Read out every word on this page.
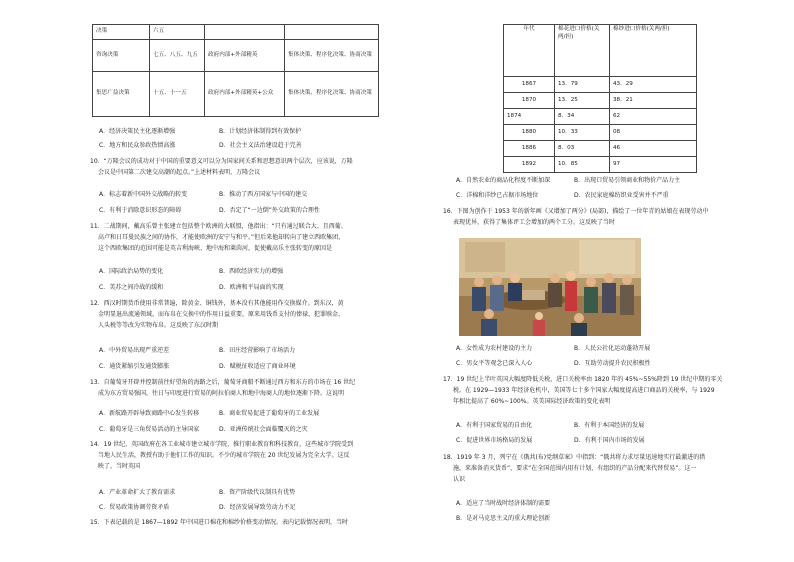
决策	六五		
咨询决策	七五、八五、九五	政府内部+外部精英	集体决策、程序化决策、协商决策
集思广益决策	十五、十一五	政府内部+外部精英+公众	集体决策、程序化决策、协商决策
A．经济决策民主化逐渐增强	B．计划经济体制得到有效保护
C．地方和民众参政热情高涨	D．社会主义法治建设趋于完善

10．“万隆会议的成功对于中国的重要意义可以分为国家间关系和思想意识两个层次，应该说，万隆

会议是中国第二次建交高潮的起点。”上述材料表明，万隆会议

A．标志着新中国外交战略的转变	B．推动了西方国家与中国的建交
C．有利于消除意识形态的障碍	D．否定了“一边倒”外交政策的合理性

11．二战期间，戴高乐曾主张建立包括整个欧洲的大联盟，他指出：“只有通过联合大、且西葡、

高卢和日耳曼民族之间的协作，才能使欧洲的安宁与和平。”但后来他却转向了建立西欧集团，

这个西欧集团的范围可能是英吉利海峡、地中海和莱茵河，促使戴高乐主张转变的原因是

A．国际政治局势的变化	B．西欧经济实力的增强
C．美苏之间冷战的缓和	D．欧洲和平局面的实现

12．西汉时期货币使用非常普遍，除黄金、铜钱外，基本没有其他能用作交换媒介。到东汉，黄

金明显退出流通领域，而布帛在交换中的作用日益重要，原来用钱币支付的俸禄、犯罪赎金、

人头税等等改为实物布帛。这反映了东汉时期

A．中外贸易出现严重逆差	B．田庄经营影响了市场活力
C．通货紧缩引发通货膨胀	D．赋税征收适应了商业环境

13．自葡萄牙开辟并控制前往好望角的海路之后，葡萄牙商船不断通过西方和东方的市场在 16 世纪

成为东方贸易强国，往日与印度进行贸易的阿拉伯商人和地中海商人的地位逐渐下降。这说明

A．新航路开辟导致商路中心发生转移	B．商业贸易促进了葡萄牙的工业发展
C．葡萄牙是三角贸易活动的主导国家	D．亚洲传统社会面临覆灭的之灾

14．19 世纪，英国政府在各工业城市建立城市学院，推行职业教育和科技教育，这些城市学院受到

当地人民生活，教授有助于他们工作的知识。不少的城市学院在 20 世纪发展为完全大学。这反

映了，当时英国

A．产业革命扩大了教育需求	B．资产阶级代议制具有优势
C．贸易政策协调劳资矛盾	D．经济发展导致劳动力不足

15．下表记载的是 1867—1892 年中国进口棉花和棉纱价格变动情况。表内记载情况表明，当时

年代	棉花进口价格(关两/担)	棉纱进口价格(关两/担)
1867	13．79	43．29
1870	13．25	38．21
1874	8．34	62
1880	10．33	08
1886	8．03	46
1892	10．85	97
A．自然农业的商品化程度不断加深	B．出现口贸易引领商业和物价产品力主
C．洋棉和洋纱已占据市场地位	D．农民家庭棉纺织业受害并不严重

16．下图为创作于 1953 年的新年画《又增加了两分》(局部)，描绘了一位年青的姑娘在表现劳动中

表现优异，获得了集体评工会增加的两个工分。这反映了当时

A．女性成为农村建设的主力	B．人民公社化运动蓬勃开展
C．男女平等观念已深入人心	D．互助劳动提升农民积极性

17．19 世纪上半叶英国大幅度降低关税，进口关税率由 1820 年的 45%~55%降到 19 世纪中期的零关

税。在 1929—1933 年经济危机中，美国等七十多个国家大幅度提高进口商品的关税率，与 1929

年相比提高了 60%~100%。英美国际经济政策的变化表明

A．有利于国家贸易的自由化	B．有利于本国经济的发展
C．促进世界市场格局的发展	D．有利于国内市场的发展

18．1919 年 3 月，列宁在《俄共(布)党纲草案》中指到：“俄共将力求尽量迅速地实行最激进的措

施，来准备消灭货币”，要求“在全国范围内用有计划、有组织的产品分配来代替贸易”。这一

认识

A．适应了当时战时经济体制的需要
B．是对马克思主义的重大理论创新
